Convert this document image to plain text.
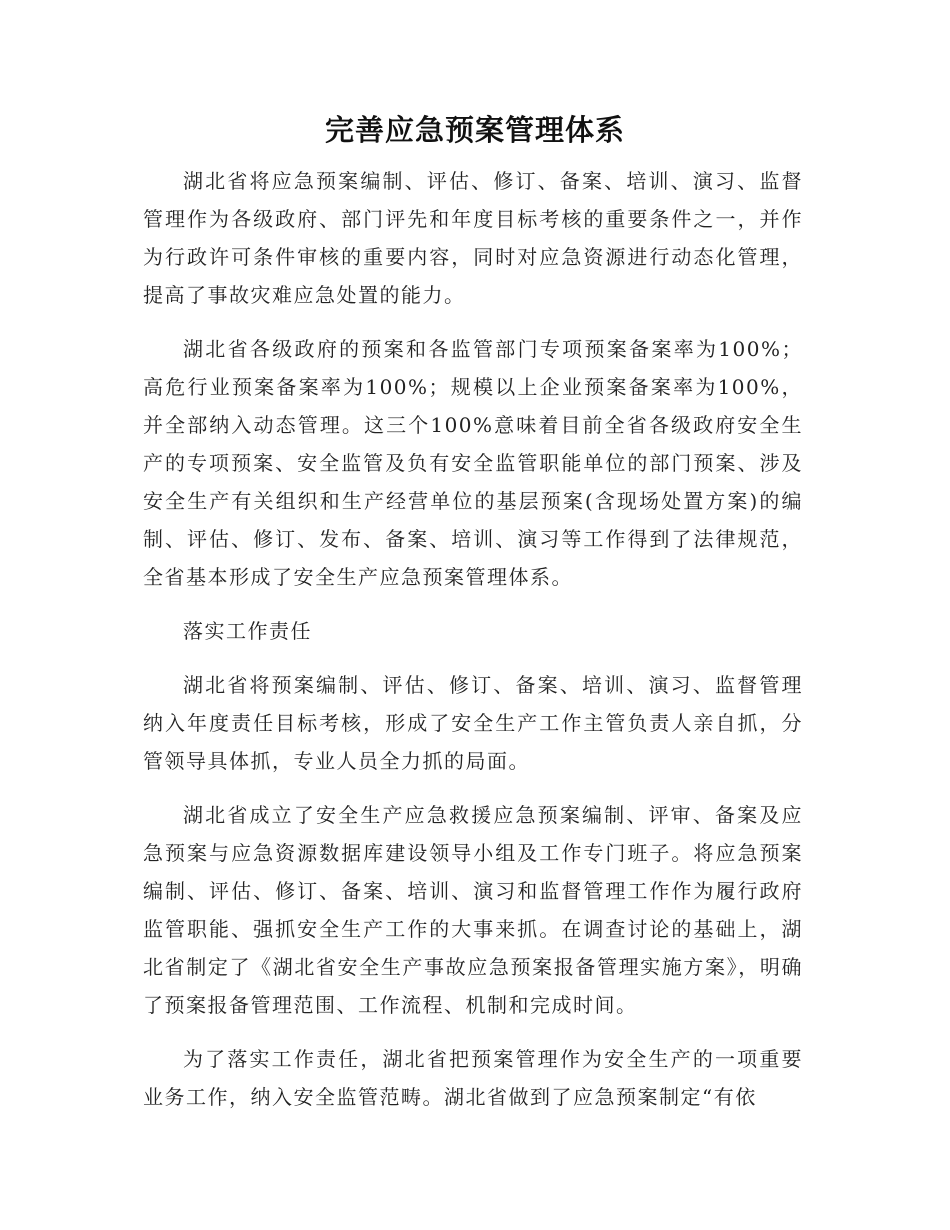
完善应急预案管理体系

湖北省将应急预案编制、评估、修订、备案、培训、演习、监督管理作为各级政府、部门评先和年度目标考核的重要条件之一，并作为行政许可条件审核的重要内容，同时对应急资源进行动态化管理，提高了事故灾难应急处置的能力。

湖北省各级政府的预案和各监管部门专项预案备案率为100%；高危行业预案备案率为100%；规模以上企业预案备案率为100%，并全部纳入动态管理。这三个100%意味着目前全省各级政府安全生产的专项预案、安全监管及负有安全监管职能单位的部门预案、涉及安全生产有关组织和生产经营单位的基层预案(含现场处置方案)的编制、评估、修订、发布、备案、培训、演习等工作得到了法律规范，全省基本形成了安全生产应急预案管理体系。

落实工作责任

湖北省将预案编制、评估、修订、备案、培训、演习、监督管理纳入年度责任目标考核，形成了安全生产工作主管负责人亲自抓，分管领导具体抓，专业人员全力抓的局面。

湖北省成立了安全生产应急救援应急预案编制、评审、备案及应急预案与应急资源数据库建设领导小组及工作专门班子。将应急预案编制、评估、修订、备案、培训、演习和监督管理工作作为履行政府监管职能、强抓安全生产工作的大事来抓。在调查讨论的基础上，湖北省制定了《湖北省安全生产事故应急预案报备管理实施方案》，明确了预案报备管理范围、工作流程、机制和完成时间。

为了落实工作责任，湖北省把预案管理作为安全生产的一项重要业务工作，纳入安全监管范畴。湖北省做到了应急预案制定“有依
